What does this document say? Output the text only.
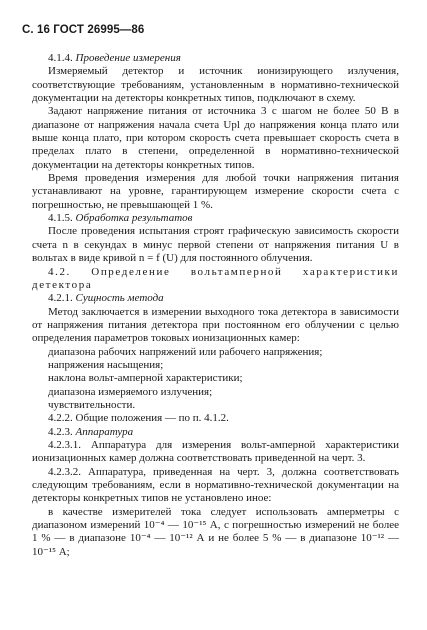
С. 16 ГОСТ 26995—86

4.1.4. Проведение измерения

Измеряемый детектор и источник ионизирующего излучения, соответствующие требованиям, установленным в нормативно-технической документации на детекторы конкретных типов, подключают в схему.

Задают напряжение питания от источника 3 с шагом не более 50 В в диапазоне от напряжения начала счета Upl до напряжения конца плато или выше конца плато, при котором скорость счета превышает скорость счета в пределах плато в степени, определенной в нормативно-технической документации на детекторы конкретных типов.

Время проведения измерения для любой точки напряжения питания устанавливают на уровне, гарантирующем измерение скорости счета с погрешностью, не превышающей 1 %.

4.1.5. Обработка результатов

После проведения испытания строят графическую зависимость скорости счета n в секундах в минус первой степени от напряжения питания U в вольтах в виде кривой n = f (U) для постоянного облучения.

4.2. Определение вольтамперной характеристики детектора

4.2.1. Сущность метода

Метод заключается в измерении выходного тока детектора в зависимости от напряжения питания детектора при постоянном его облучении с целью определения параметров токовых ионизационных камер:

диапазона рабочих напряжений или рабочего напряжения;

напряжения насыщения;

наклона вольт-амперной характеристики;

диапазона измеряемого излучения;

чувствительности.

4.2.2. Общие положения — по п. 4.1.2.

4.2.3. Аппаратура

4.2.3.1. Аппаратура для измерения вольт-амперной характеристики ионизационных камер должна соответствовать приведенной на черт. 3.

4.2.3.2. Аппаратура, приведенная на черт. 3, должна соответствовать следующим требованиям, если в нормативно-технической документации на детекторы конкретных типов не установлено иное:

в качестве измерителей тока следует использовать амперметры с диапазоном измерений 10⁻⁴ — 10⁻¹⁵ А, с погрешностью измерений не более 1 % — в диапазоне 10⁻⁴ — 10⁻¹² А и не более 5 % — в диапазоне 10⁻¹² — 10⁻¹⁵ А;
